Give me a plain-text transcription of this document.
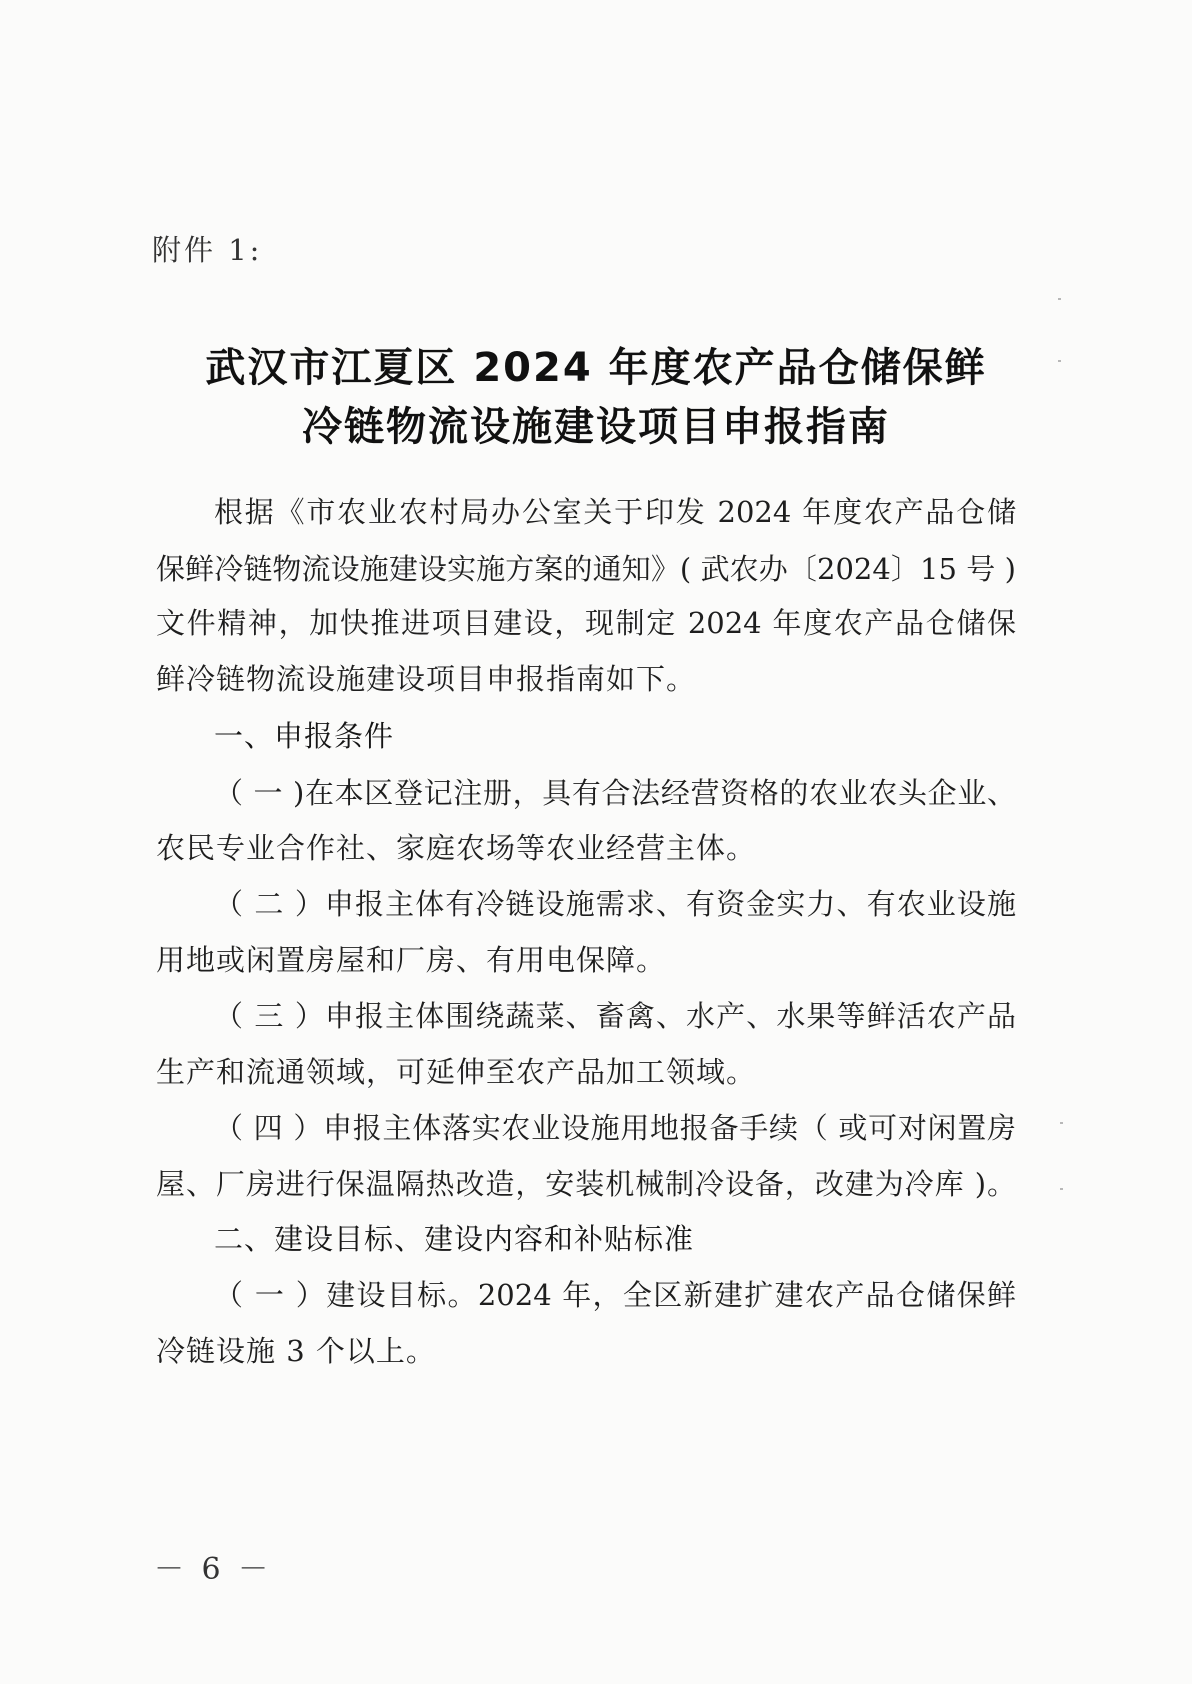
附件 1:
武汉市江夏区 2024 年度农产品仓储保鲜
冷链物流设施建设项目申报指南
根据《市农业农村局办公室关于印发 2024 年度农产品仓储
保鲜冷链物流设施建设实施方案的通知》( 武农办〔2024〕15 号 )
文件精神，加快推进项目建设，现制定 2024 年度农产品仓储保
鲜冷链物流设施建设项目申报指南如下。
一、申报条件
（ 一 )在本区登记注册，具有合法经营资格的农业农头企业、
农民专业合作社、家庭农场等农业经营主体。
（ 二 ）申报主体有冷链设施需求、有资金实力、有农业设施
用地或闲置房屋和厂房、有用电保障。
（ 三 ）申报主体围绕蔬菜、畜禽、水产、水果等鲜活农产品
生产和流通领域，可延伸至农产品加工领域。
（ 四 ）申报主体落实农业设施用地报备手续（ 或可对闲置房
屋、厂房进行保温隔热改造，安装机械制冷设备，改建为冷库 )。
二、建设目标、建设内容和补贴标准
（ 一 ）建设目标。2024 年，全区新建扩建农产品仓储保鲜
冷链设施 3 个以上。
－ 6 －
